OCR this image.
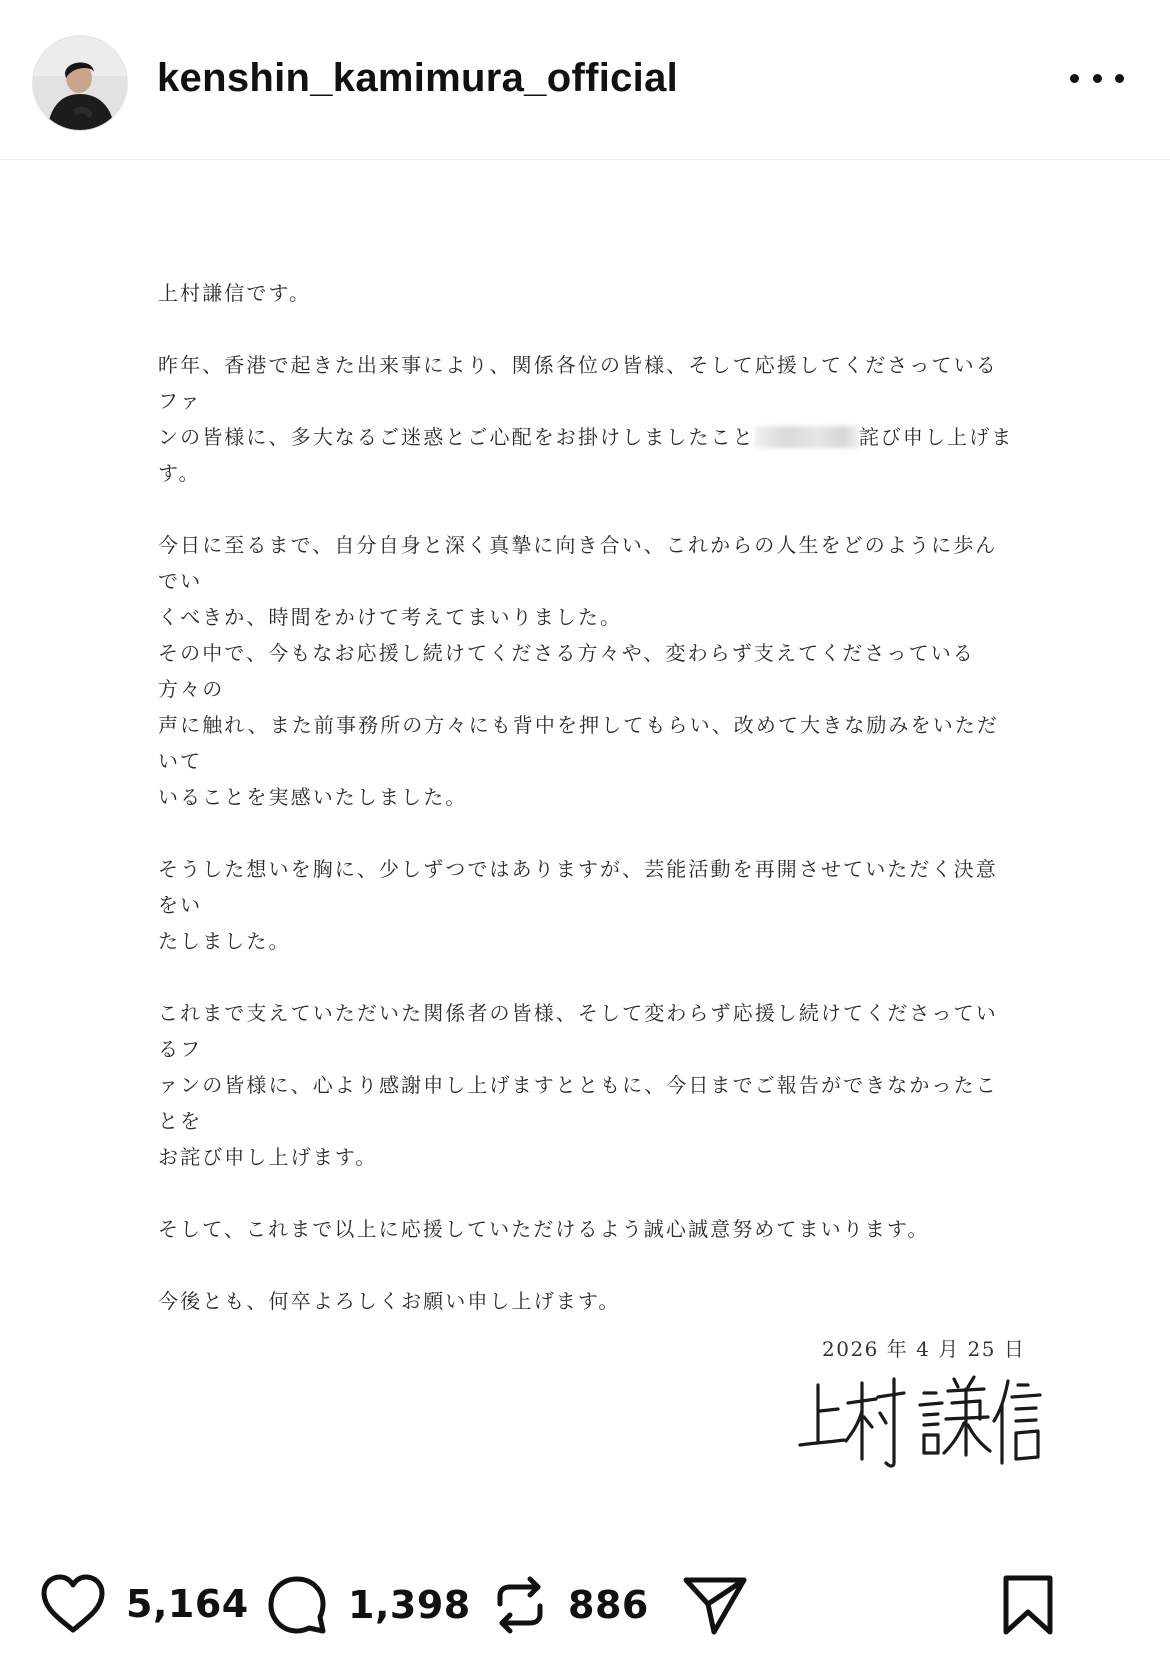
kenshin_kamimura_official

上村謙信です。

昨年、香港で起きた出来事により、関係各位の皆様、そして応援してくださっているファ
ンの皆様に、多大なるご迷惑とご心配をお掛けしましたこと	詫び申し上げま
す。

今日に至るまで、自分自身と深く真摯に向き合い、これからの人生をどのように歩んでい
くべきか、時間をかけて考えてまいりました。
その中で、今もなお応援し続けてくださる方々や、変わらず支えてくださっている方々の
声に触れ、また前事務所の方々にも背中を押してもらい、改めて大きな励みをいただいて
いることを実感いたしました。

そうした想いを胸に、少しずつではありますが、芸能活動を再開させていただく決意をい
たしました。

これまで支えていただいた関係者の皆様、そして変わらず応援し続けてくださっているフ
ァンの皆様に、心より感謝申し上げますとともに、今日までご報告ができなかったことを
お詫び申し上げます。

そして、これまで以上に応援していただけるよう誠心誠意努めてまいります。

今後とも、何卒よろしくお願い申し上げます。

2026 年 4 月 25 日
5,164	1,398	886
